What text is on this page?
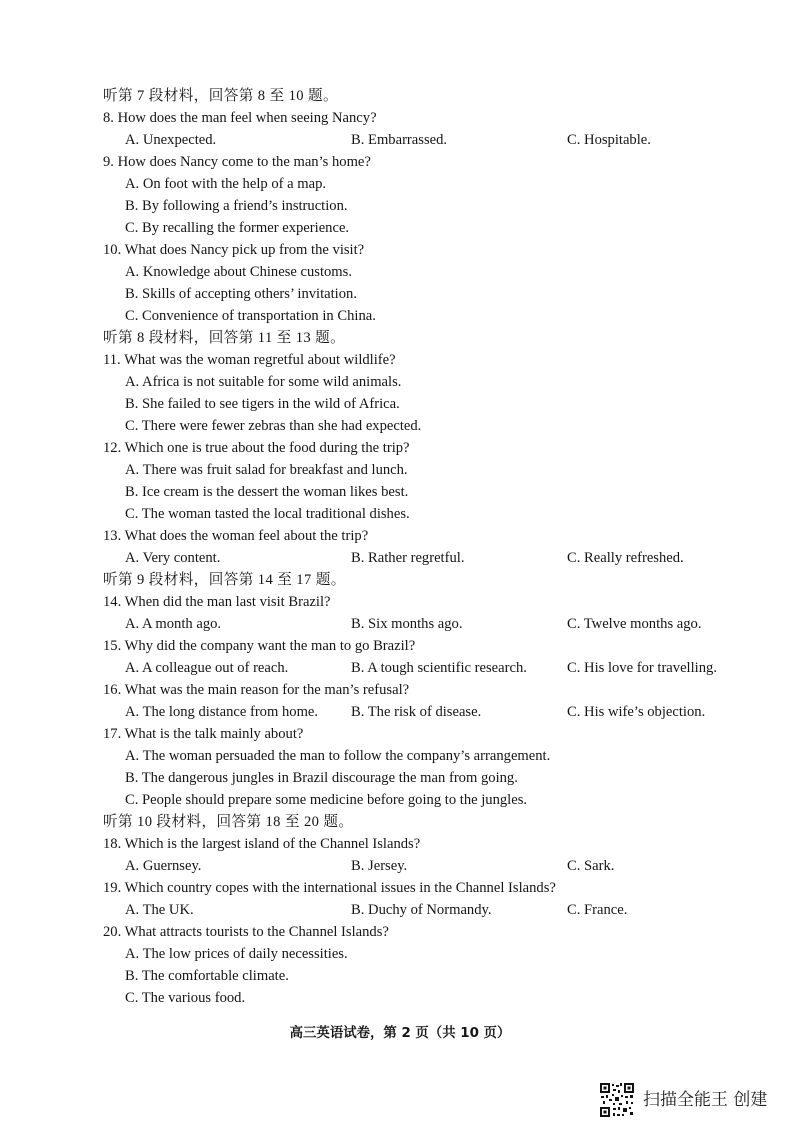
听第 7 段材料，回答第 8 至 10 题。
8. How does the man feel when seeing Nancy?
A. Unexpected.	B. Embarrassed.	C. Hospitable.
9. How does Nancy come to the man’s home?
A. On foot with the help of a map.
B. By following a friend’s instruction.
C. By recalling the former experience.
10. What does Nancy pick up from the visit?
A. Knowledge about Chinese customs.
B. Skills of accepting others’ invitation.
C. Convenience of transportation in China.
听第 8 段材料，回答第 11 至 13 题。
11. What was the woman regretful about wildlife?
A. Africa is not suitable for some wild animals.
B. She failed to see tigers in the wild of Africa.
C. There were fewer zebras than she had expected.
12. Which one is true about the food during the trip?
A. There was fruit salad for breakfast and lunch.
B. Ice cream is the dessert the woman likes best.
C. The woman tasted the local traditional dishes.
13. What does the woman feel about the trip?
A. Very content.	B. Rather regretful.	C. Really refreshed.
听第 9 段材料，回答第 14 至 17 题。
14. When did the man last visit Brazil?
A. A month ago.	B. Six months ago.	C. Twelve months ago.
15. Why did the company want the man to go Brazil?
A. A colleague out of reach.	B. A tough scientific research.	C. His love for travelling.
16. What was the main reason for the man’s refusal?
A. The long distance from home. B. The risk of disease.	C. His wife’s objection.
17. What is the talk mainly about?
A. The woman persuaded the man to follow the company’s arrangement.
B. The dangerous jungles in Brazil discourage the man from going.
C. People should prepare some medicine before going to the jungles.
听第 10 段材料，回答第 18 至 20 题。
18. Which is the largest island of the Channel Islands?
A. Guernsey.	B. Jersey.	C. Sark.
19. Which country copes with the international issues in the Channel Islands?
A. The UK.	B. Duchy of Normandy.	C. France.
20. What attracts tourists to the Channel Islands?
A. The low prices of daily necessities.
B. The comfortable climate.
C. The various food.
高三英语试卷，第 2 页（共 10 页）
扫描全能王 创建
